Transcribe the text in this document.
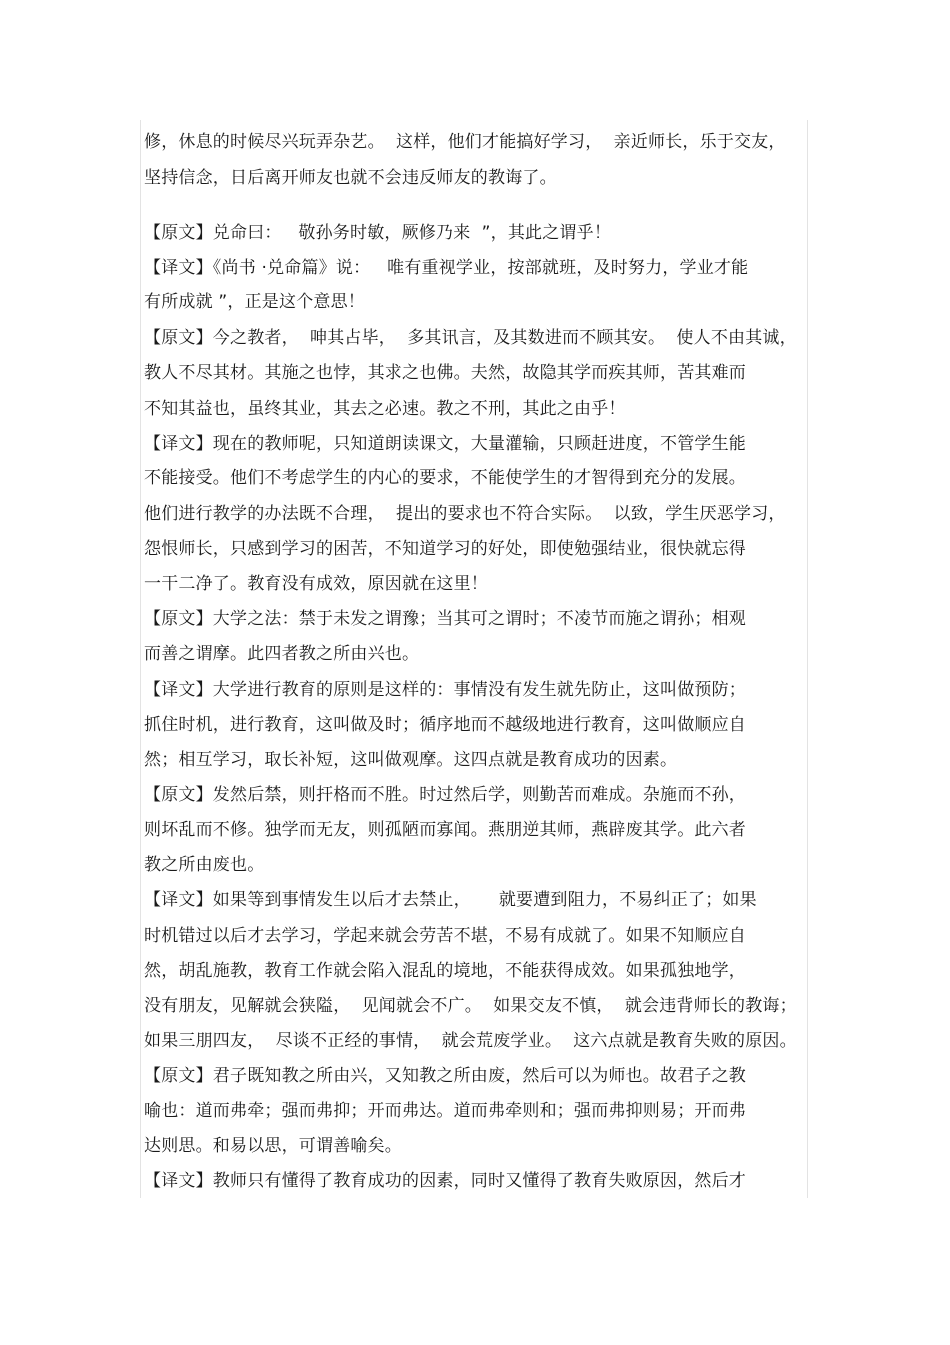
修，休息的时候尽兴玩弄杂艺。  这样，他们才能搞好学习，  亲近师长，乐于交友，
坚持信念，日后离开师友也就不会违反师友的教诲了。
【原文】兑命曰：   敬孙务时敏，厥修乃来  ”，其此之谓乎！
【译文】《尚书 ·兑命篇》说：   唯有重视学业，按部就班，及时努力，学业才能
有所成就 ”，正是这个意思！
【原文】今之教者，  呻其占毕，  多其讯言，及其数进而不顾其安。  使人不由其诚，
教人不尽其材。其施之也悖，其求之也佛。夫然，故隐其学而疾其师，苦其难而
不知其益也，虽终其业，其去之必速。教之不刑，其此之由乎！
【译文】现在的教师呢，只知道朗读课文，大量灌输，只顾赶进度，不管学生能
不能接受。他们不考虑学生的内心的要求，不能使学生的才智得到充分的发展。
他们进行教学的办法既不合理，  提出的要求也不符合实际。  以致，学生厌恶学习，
怨恨师长，只感到学习的困苦，不知道学习的好处，即使勉强结业，很快就忘得
一干二净了。教育没有成效，原因就在这里！
【原文】大学之法：禁于未发之谓豫；当其可之谓时；不凌节而施之谓孙；相观
而善之谓摩。此四者教之所由兴也。
【译文】大学进行教育的原则是这样的：事情没有发生就先防止，这叫做预防；
抓住时机，进行教育，这叫做及时；循序地而不越级地进行教育，这叫做顺应自
然；相互学习，取长补短，这叫做观摩。这四点就是教育成功的因素。
【原文】发然后禁，则扞格而不胜。时过然后学，则勤苦而难成。杂施而不孙，
则坏乱而不修。独学而无友，则孤陋而寡闻。燕朋逆其师，燕辟废其学。此六者
教之所由废也。
【译文】如果等到事情发生以后才去禁止，     就要遭到阻力，不易纠正了；如果
时机错过以后才去学习，学起来就会劳苦不堪，不易有成就了。如果不知顺应自
然，胡乱施教，教育工作就会陷入混乱的境地，不能获得成效。如果孤独地学，
没有朋友，见解就会狭隘，  见闻就会不广。  如果交友不慎，  就会违背师长的教诲；
如果三朋四友，  尽谈不正经的事情，  就会荒废学业。  这六点就是教育失败的原因。
【原文】君子既知教之所由兴，又知教之所由废，然后可以为师也。故君子之教
喻也：道而弗牵；强而弗抑；开而弗达。道而弗牵则和；强而弗抑则易；开而弗
达则思。和易以思，可谓善喻矣。
【译文】教师只有懂得了教育成功的因素，同时又懂得了教育失败原因，然后才
